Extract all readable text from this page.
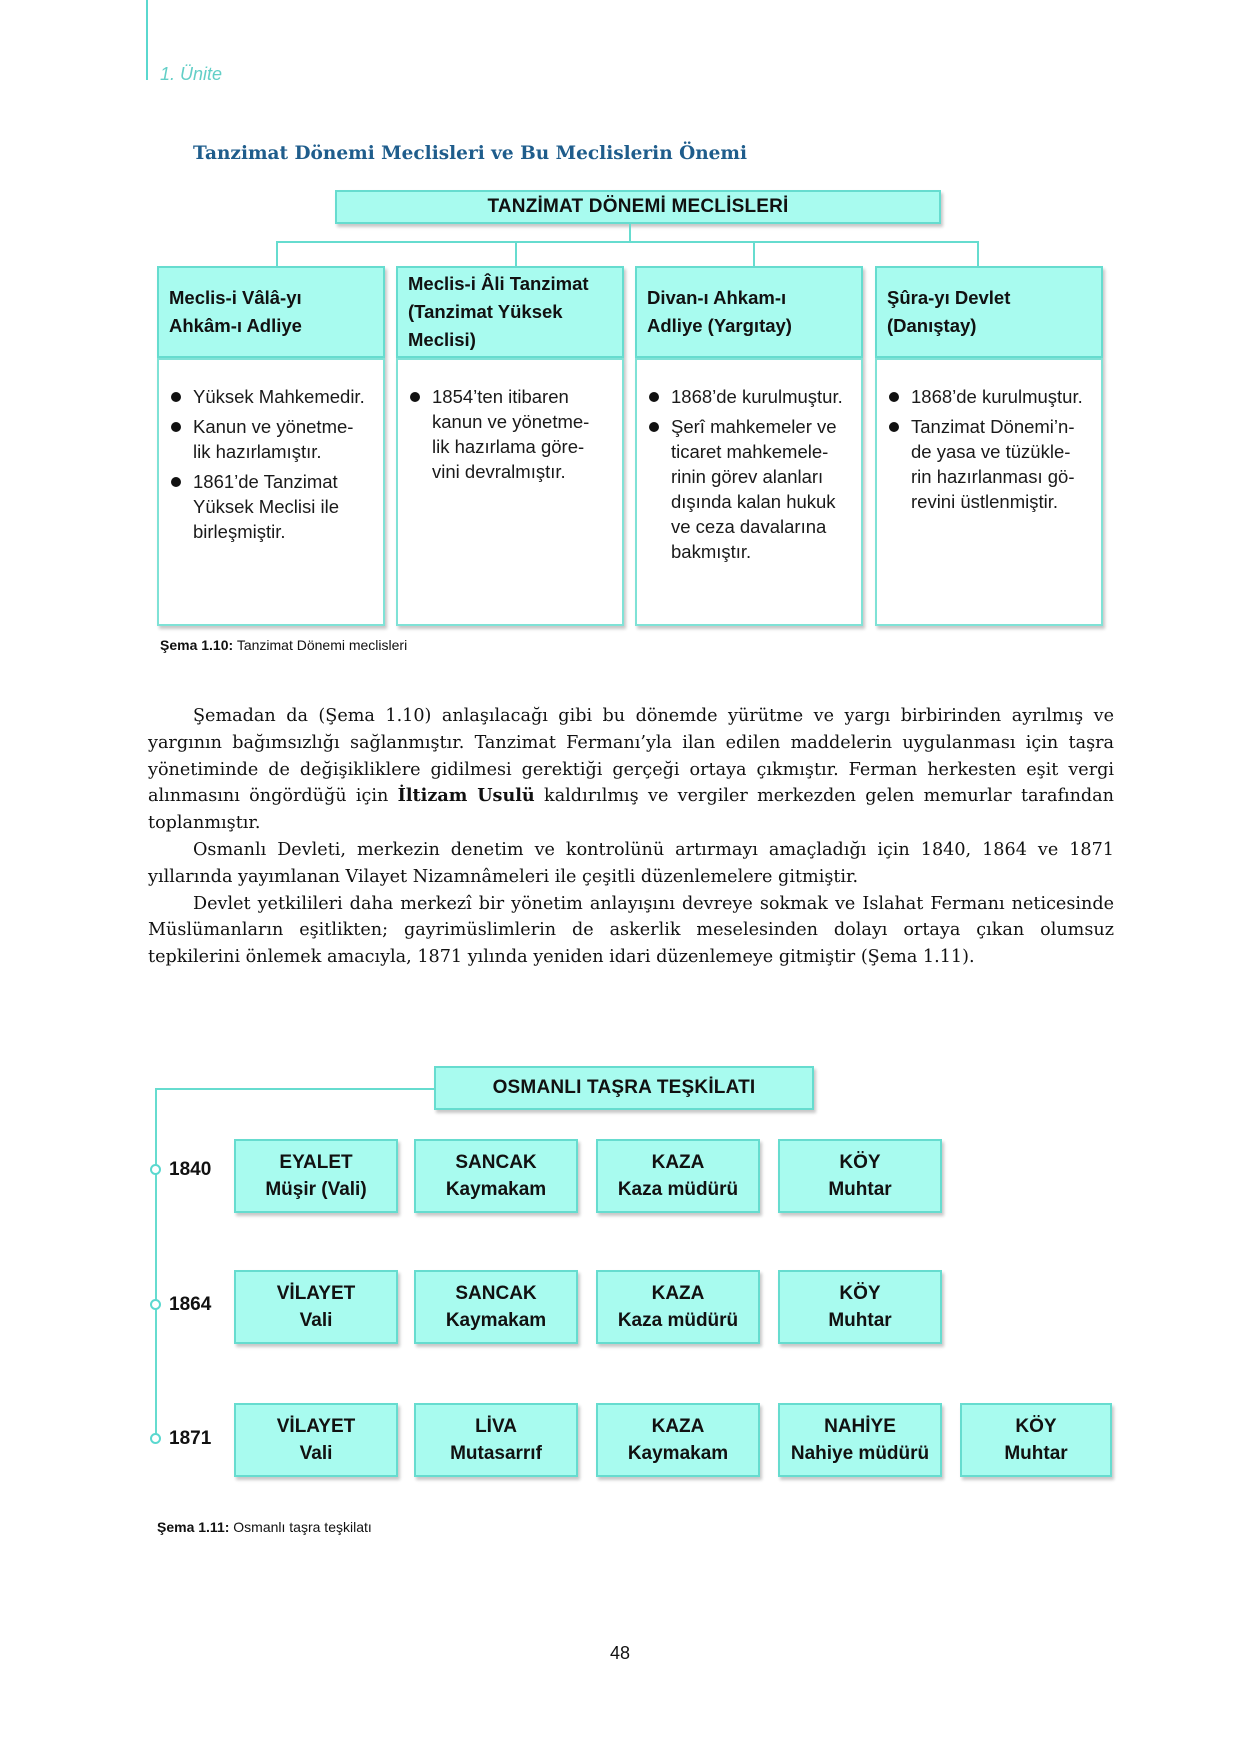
1. Ünite
Tanzimat Dönemi Meclisleri ve Bu Meclislerin Önemi
TANZİMAT DÖNEMİ MECLİSLERİ
Meclis-i Vâlâ-yı
Ahkâm-ı Adliye
Yüksek Mahkemedir.
Kanun ve yönetme-
lik hazırlamıştır.
1861’de Tanzimat
Yüksek Meclisi ile
birleşmiştir.
Meclis-i Âli Tanzimat
(Tanzimat Yüksek
Meclisi)
1854’ten itibaren
kanun ve yönetme-
lik hazırlama göre-
vini devralmıştır.
Divan-ı Ahkam-ı
Adliye (Yargıtay)
1868’de kurulmuştur.
Şerî mahkemeler ve
ticaret mahkemele-
rinin görev alanları
dışında kalan hukuk
ve ceza davalarına
bakmıştır.
Şûra-yı Devlet
(Danıştay)
1868’de kurulmuştur.
Tanzimat Dönemi’n-
de yasa ve tüzükle-
rin hazırlanması gö-
revini üstlenmiştir.
Şema 1.10: Tanzimat Dönemi meclisleri

Şemadan da (Şema 1.10) anlaşılacağı gibi bu dönemde yürütme ve yargı birbirinden ayrılmış ve yargının bağımsızlığı sağlanmıştır. Tanzimat Fermanı’yla ilan edilen maddelerin uygulanması için taşra yönetiminde de değişikliklere gidilmesi gerektiği gerçeği ortaya çıkmıştır. Ferman herkesten eşit vergi alınmasını öngördüğü için İltizam Usulü kaldırılmış ve vergiler merkezden gelen memurlar tarafından toplanmıştır.

Osmanlı Devleti, merkezin denetim ve kontrolünü artırmayı amaçladığı için 1840, 1864 ve 1871 yıllarında yayımlanan Vilayet Nizamnâmeleri ile çeşitli düzenlemelere gitmiştir.

Devlet yetkilileri daha merkezî bir yönetim anlayışını devreye sokmak ve Islahat Fermanı neticesinde Müslümanların eşitlikten; gayrimüslimlerin de askerlik meselesinden dolayı ortaya çıkan olumsuz tepkilerini önlemek amacıyla, 1871 yılında yeniden idari düzenlemeye gitmiştir (Şema 1.11).

OSMANLI TAŞRA TEŞKİLATI
1840	EYALET
Müşir (Vali)
SANCAK
Kaymakam
KAZA
Kaza müdürü
KÖY
Muhtar
1864
VİLAYET
Vali
SANCAK
Kaymakam
KAZA
Kaza müdürü
KÖY
Muhtar
1871
VİLAYET
Vali
LİVA
Mutasarrıf
KAZA
Kaymakam
NAHİYE
Nahiye müdürü
KÖY
Muhtar
Şema 1.11: Osmanlı taşra teşkilatı
48
